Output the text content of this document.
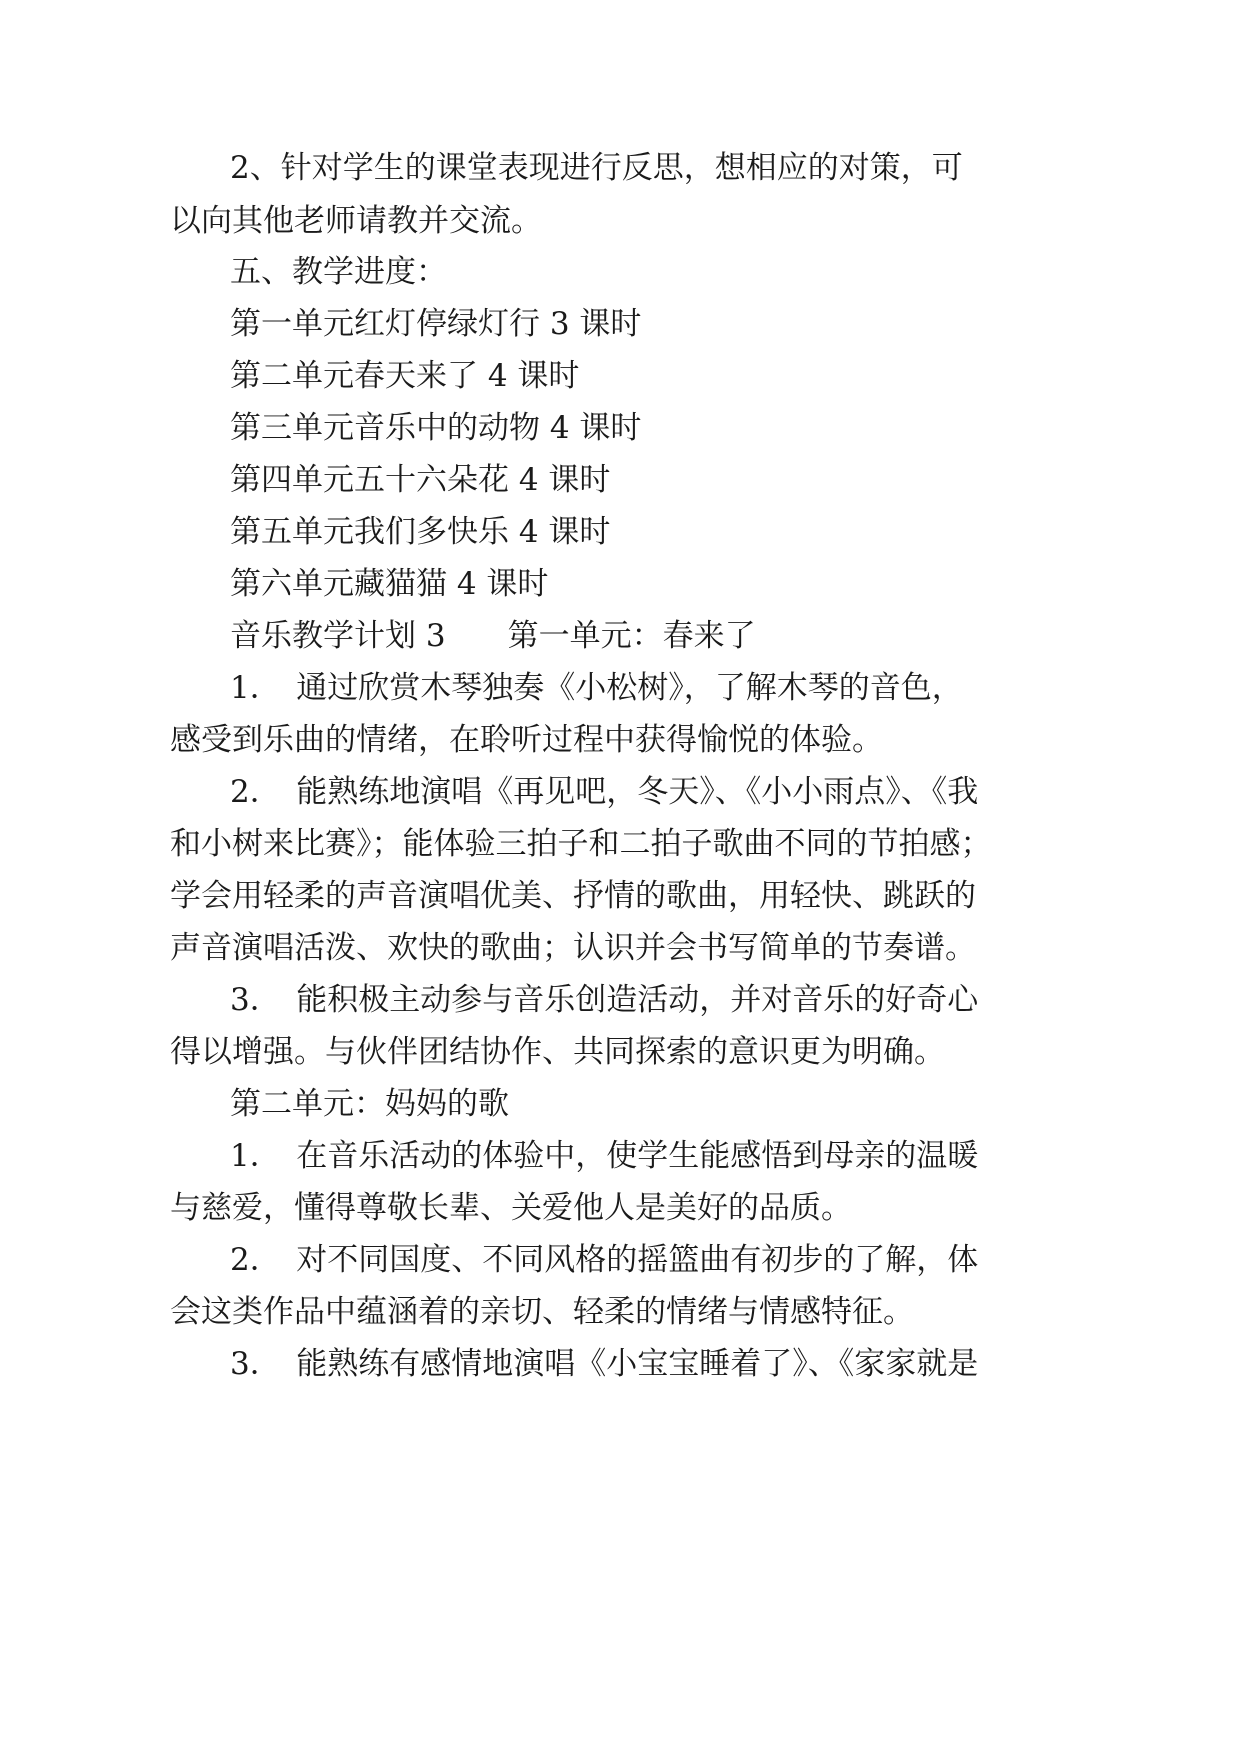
2、针对学生的课堂表现进行反思，想相应的对策，可
以向其他老师请教并交流。
五、教学进度：
第一单元红灯停绿灯行 3 课时
第二单元春天来了 4 课时
第三单元音乐中的动物 4 课时
第四单元五十六朵花 4 课时
第五单元我们多快乐 4 课时
第六单元藏猫猫 4 课时
音乐教学计划 3　　第一单元：春来了
1．　通过欣赏木琴独奏《小松树》，了解木琴的音色，
感受到乐曲的情绪，在聆听过程中获得愉悦的体验。
2．　能熟练地演唱《再见吧，冬天》、《小小雨点》、《我
和小树来比赛》；能体验三拍子和二拍子歌曲不同的节拍感；
学会用轻柔的声音演唱优美、抒情的歌曲，用轻快、跳跃的
声音演唱活泼、欢快的歌曲；认识并会书写简单的节奏谱。
3．　能积极主动参与音乐创造活动，并对音乐的好奇心
得以增强。与伙伴团结协作、共同探索的意识更为明确。
第二单元：妈妈的歌
1．　在音乐活动的体验中，使学生能感悟到母亲的温暖
与慈爱，懂得尊敬长辈、关爱他人是美好的品质。
2．　对不同国度、不同风格的摇篮曲有初步的了解，体
会这类作品中蕴涵着的亲切、轻柔的情绪与情感特征。
3．　能熟练有感情地演唱《小宝宝睡着了》、《家家就是
